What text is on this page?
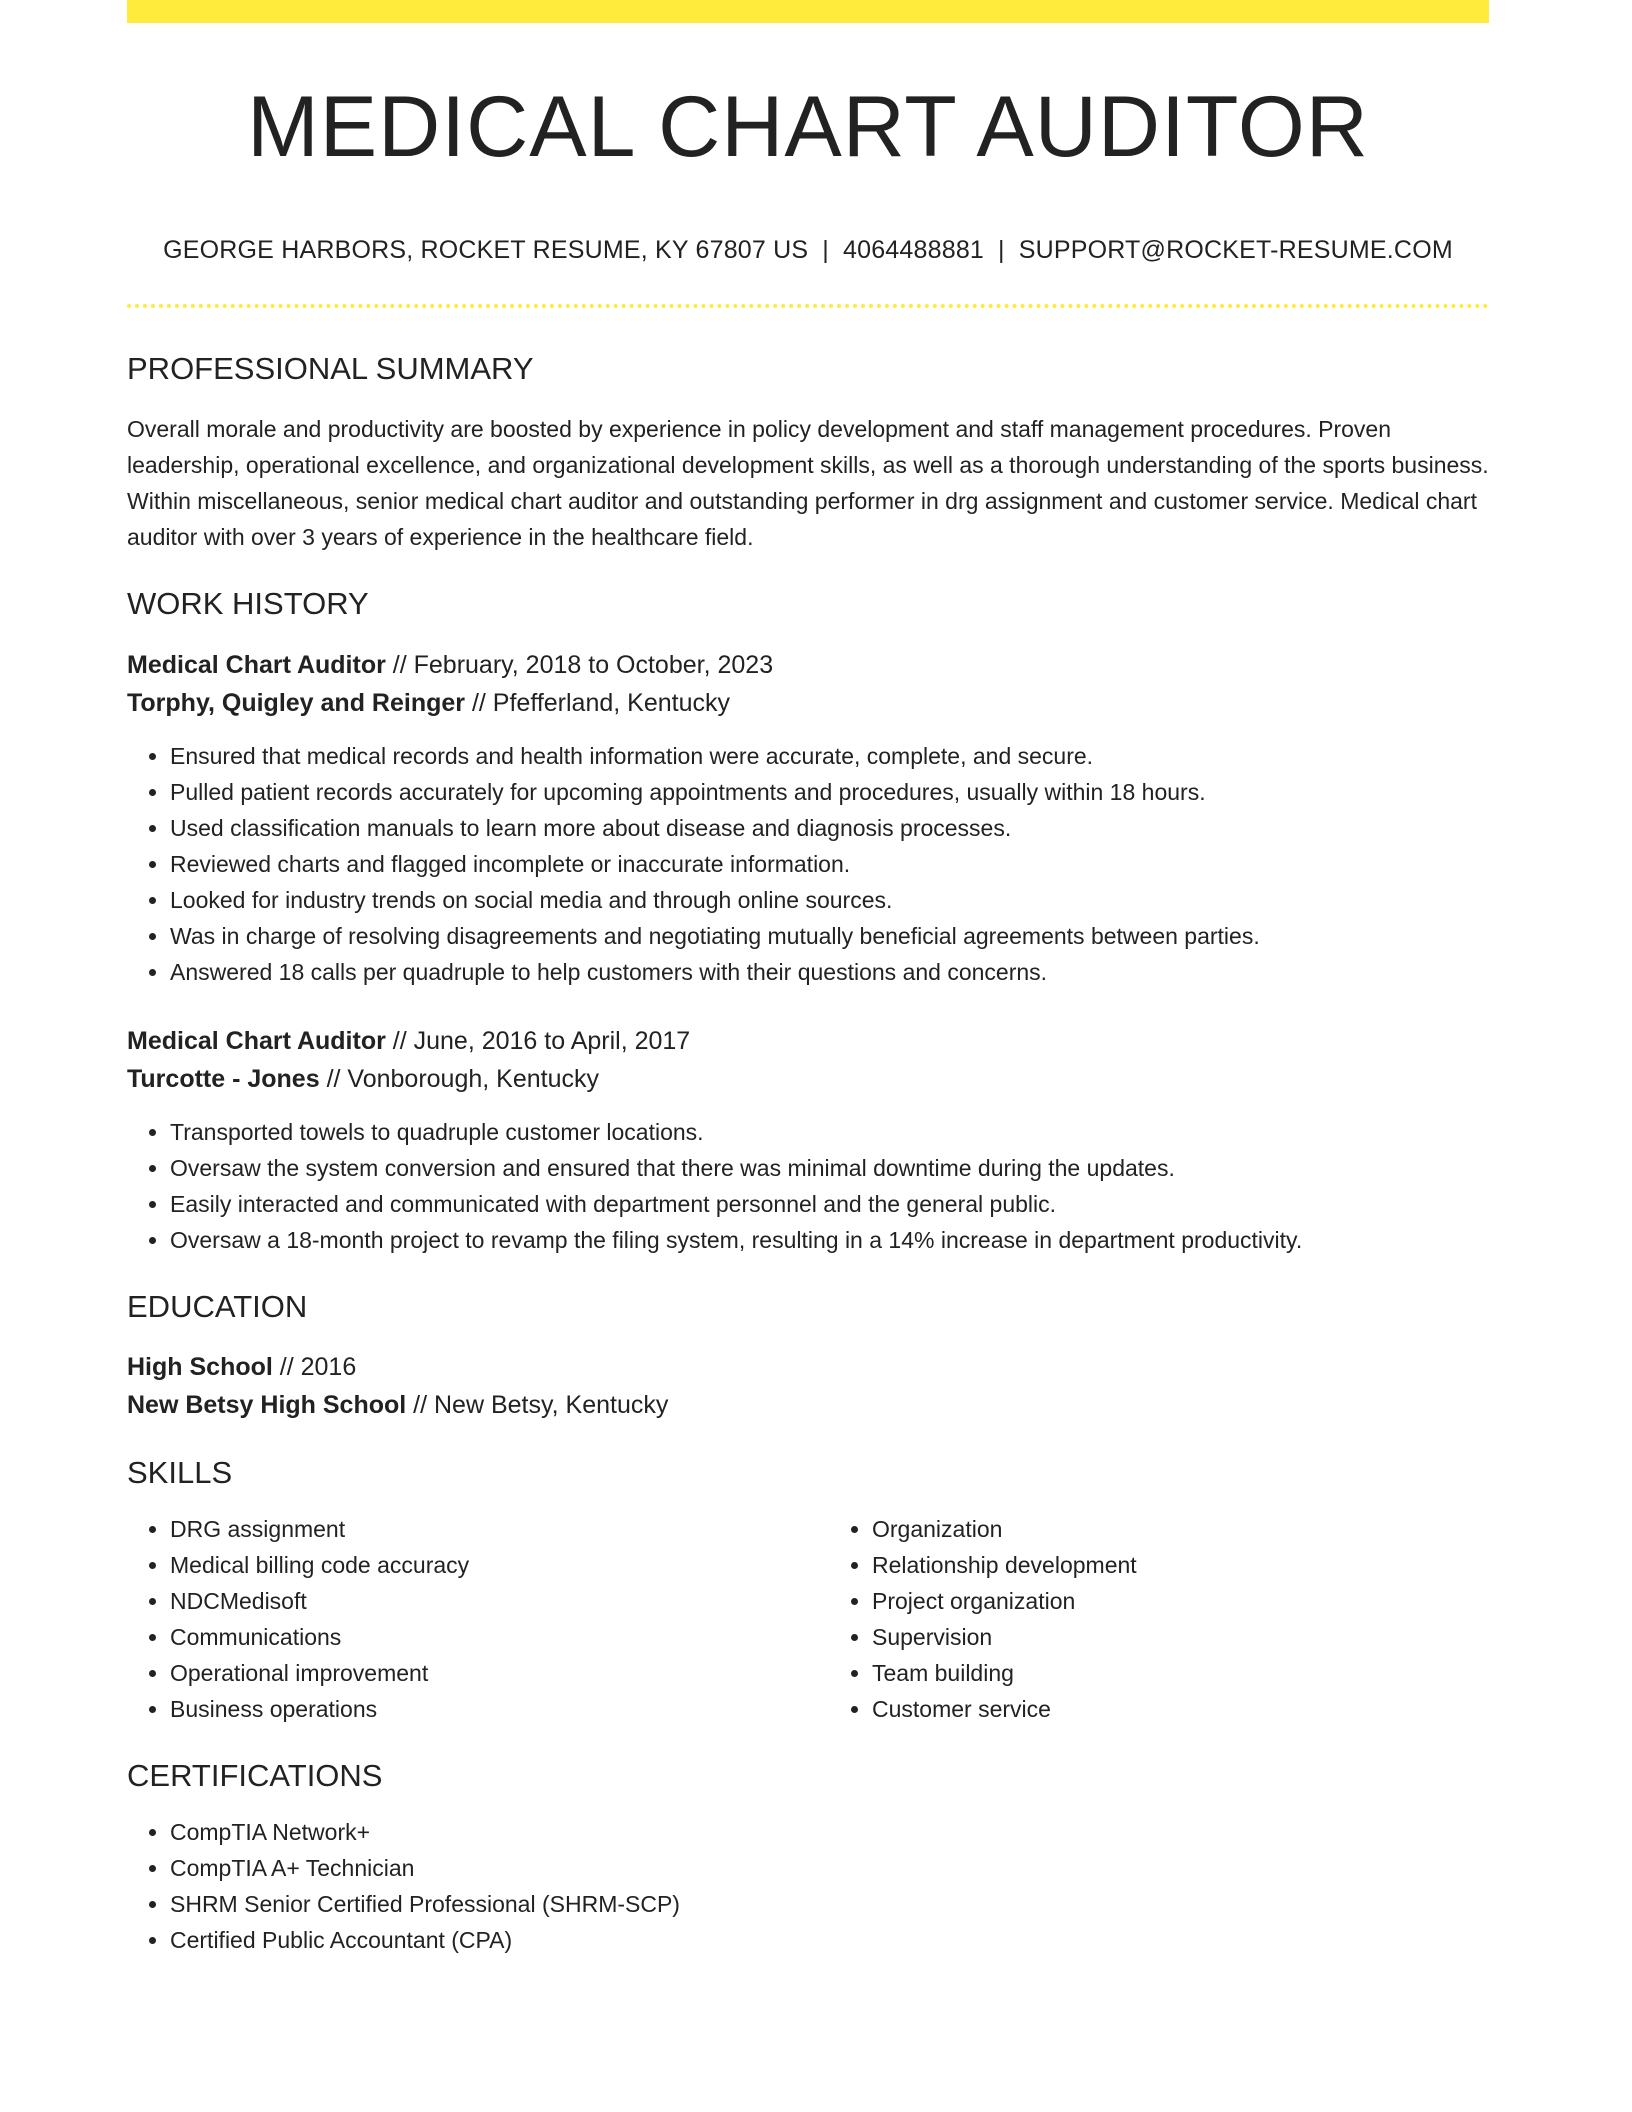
MEDICAL CHART AUDITOR
GEORGE HARBORS, ROCKET RESUME, KY 67807 US | 4064488881 | SUPPORT@ROCKET-RESUME.COM
PROFESSIONAL SUMMARY

Overall morale and productivity are boosted by experience in policy development and staff management procedures. Proven leadership, operational excellence, and organizational development skills, as well as a thorough understanding of the sports business. Within miscellaneous, senior medical chart auditor and outstanding performer in drg assignment and customer service. Medical chart auditor with over 3 years of experience in the healthcare field.

WORK HISTORY

Medical Chart Auditor // February, 2018 to October, 2023

Torphy, Quigley and Reinger // Pfefferland, Kentucky

• Ensured that medical records and health information were accurate, complete, and secure.
• Pulled patient records accurately for upcoming appointments and procedures, usually within 18 hours.
• Used classification manuals to learn more about disease and diagnosis processes.
• Reviewed charts and flagged incomplete or inaccurate information.
• Looked for industry trends on social media and through online sources.
• Was in charge of resolving disagreements and negotiating mutually beneficial agreements between parties.
• Answered 18 calls per quadruple to help customers with their questions and concerns.

Medical Chart Auditor // June, 2016 to April, 2017

Turcotte - Jones // Vonborough, Kentucky

• Transported towels to quadruple customer locations.
• Oversaw the system conversion and ensured that there was minimal downtime during the updates.
• Easily interacted and communicated with department personnel and the general public.
• Oversaw a 18-month project to revamp the filing system, resulting in a 14% increase in department productivity.
EDUCATION

High School // 2016

New Betsy High School // New Betsy, Kentucky

SKILLS
• DRG assignment
• Medical billing code accuracy
• NDCMedisoft
• Communications
• Operational improvement
• Business operations
• Organization
• Relationship development
• Project organization
• Supervision
• Team building
• Customer service
CERTIFICATIONS
• CompTIA Network+
• CompTIA A+ Technician
• SHRM Senior Certified Professional (SHRM-SCP)
• Certified Public Accountant (CPA)
